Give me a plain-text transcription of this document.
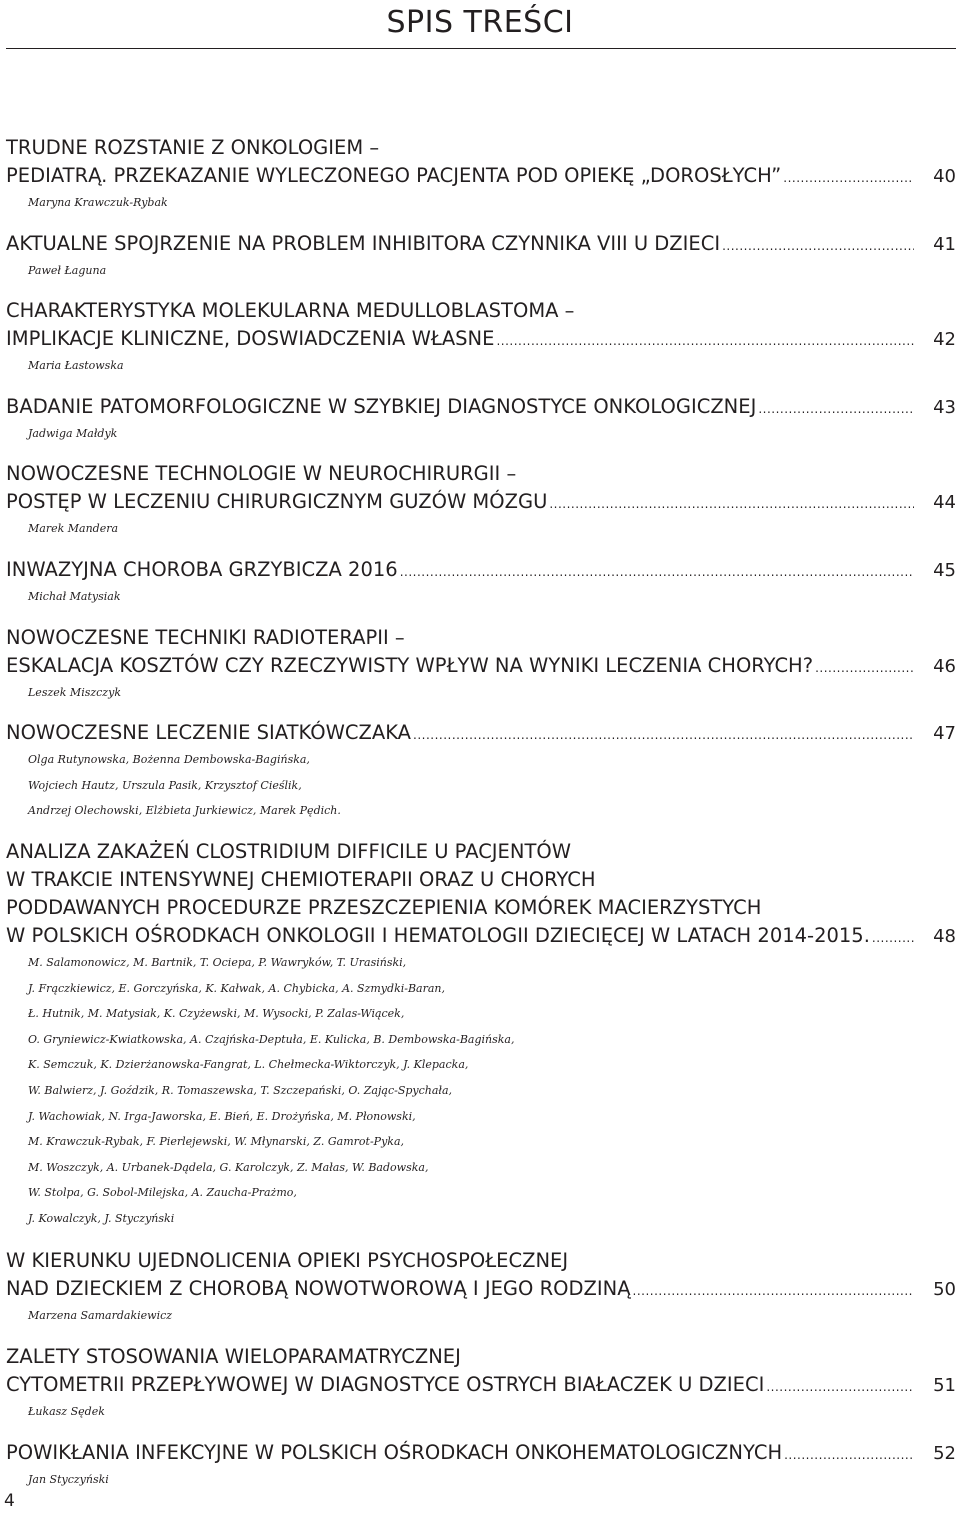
SPIS TREŚCI
TRUDNE ROZSTANIE Z ONKOLOGIEM –
PEDIATRĄ. PRZEKAZANIE WYLECZONEGO PACJENTA POD OPIEKĘ „DOROSŁYCH” .....	40
Maryna Krawczuk-Rybak
AKTUALNE SPOJRZENIE NA PROBLEM INHIBITORA CZYNNIKA VIII U DZIECI .....	41
Paweł Łaguna
CHARAKTERYSTYKA MOLEKULARNA MEDULLOBLASTOMA –
IMPLIKACJE KLINICZNE, DOSWIADCZENIA WŁASNE .....	42
Maria Łastowska
BADANIE PATOMORFOLOGICZNE W SZYBKIEJ DIAGNOSTYCE ONKOLOGICZNEJ .....	43
Jadwiga Małdyk
NOWOCZESNE TECHNOLOGIE W NEUROCHIRURGII –
POSTĘP W LECZENIU CHIRURGICZNYM GUZÓW MÓZGU .....	44
Marek Mandera
INWAZYJNA CHOROBA GRZYBICZA 2016 .....	45
Michał Matysiak
NOWOCZESNE TECHNIKI RADIOTERAPII –
ESKALACJA KOSZTÓW CZY RZECZYWISTY WPŁYW NA WYNIKI LECZENIA CHORYCH? .....	46
Leszek Miszczyk
NOWOCZESNE LECZENIE SIATKÓWCZAKA .....	47
Olga Rutynowska, Bożenna Dembowska-Bagińska,
Wojciech Hautz, Urszula Pasik, Krzysztof Cieślik,
Andrzej Olechowski, Elżbieta Jurkiewicz, Marek Pędich.
ANALIZA ZAKAŻEŃ CLOSTRIDIUM DIFFICILE U PACJENTÓW
W TRAKCIE INTENSYWNEJ CHEMIOTERAPII ORAZ U CHORYCH
PODDAWANYCH PROCEDURZE PRZESZCZEPIENIA KOMÓREK MACIERZYSTYCH
W POLSKICH OŚRODKACH ONKOLOGII I HEMATOLOGII DZIECIĘCEJ W LATACH 2014-2015. .....	48
M. Salamonowicz, M. Bartnik, T. Ociepa, P. Wawryków, T. Urasiński,
J. Frączkiewicz, E. Gorczyńska, K. Kałwak, A. Chybicka, A. Szmydki-Baran,
Ł. Hutnik, M. Matysiak, K. Czyżewski, M. Wysocki, P. Zalas-Wiącek,
O. Gryniewicz-Kwiatkowska, A. Czajńska-Deptuła, E. Kulicka, B. Dembowska-Bagińska,
K. Semczuk, K. Dzierżanowska-Fangrat, L. Chełmecka-Wiktorczyk, J. Klepacka,
W. Balwierz, J. Goździk, R. Tomaszewska, T. Szczepański, O. Zając-Spychała,
J. Wachowiak, N. Irga-Jaworska, E. Bień, E. Drożyńska, M. Płonowski,
M. Krawczuk-Rybak, F. Pierlejewski, W. Młynarski, Z. Gamrot-Pyka,
M. Woszczyk, A. Urbanek-Dądela, G. Karolczyk, Z. Małas, W. Badowska,
W. Stolpa, G. Sobol-Milejska, A. Zaucha-Prażmo,
J. Kowalczyk, J. Styczyński
W KIERUNKU UJEDNOLICENIA OPIEKI PSYCHOSPOŁECZNEJ
NAD DZIECKIEM Z CHOROBĄ NOWOTWOROWĄ I JEGO RODZINĄ .....	50
Marzena Samardakiewicz
ZALETY STOSOWANIA WIELOPARAMATRYCZNEJ
CYTOMETRII PRZEPŁYWOWEJ W DIAGNOSTYCE OSTRYCH BIAŁACZEK U DZIECI .....	51
Łukasz Sędek
POWIKŁANIA INFEKCYJNE W POLSKICH OŚRODKACH ONKOHEMATOLOGICZNYCH .....	52
Jan Styczyński
4
